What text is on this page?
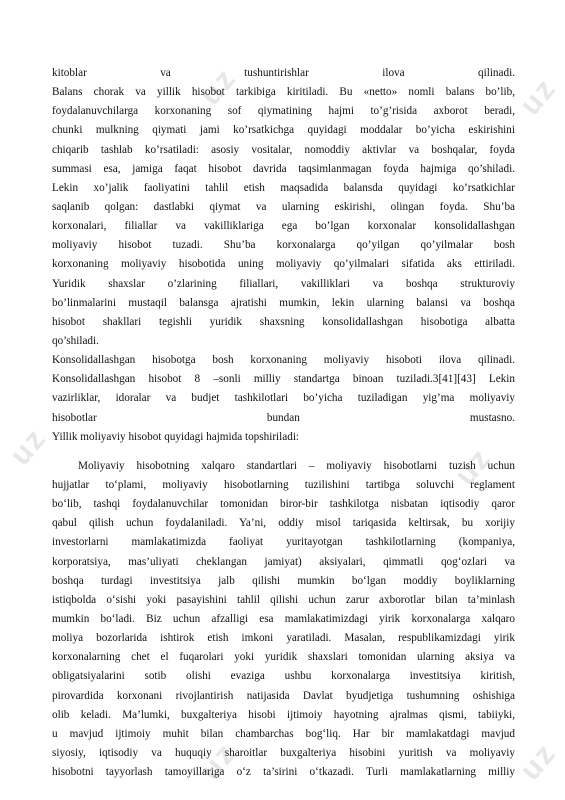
uz	uz
uz	uz
uz	uz
kitoblar va tushuntirishlar ilova qilinadi.
Balans chorak va yillik hisobot tarkibiga kiritiladi. Bu «netto» nomli balans bo’lib,
foydalanuvchilarga korxonaning sof qiymatining hajmi to’g’risida axborot beradi,
chunki mulkning qiymati jami ko’rsatkichga quyidagi moddalar bo’yicha eskirishini
chiqarib tashlab ko’rsatiladi: asosiy vositalar, nomoddiy aktivlar va boshqalar, foyda
summasi esa, jamiga faqat hisobot davrida taqsimlanmagan foyda hajmiga qo’shiladi.
Lekin xo’jalik faoliyatini tahlil etish maqsadida balansda quyidagi ko’rsatkichlar
saqlanib qolgan: dastlabki qiymat va ularning eskirishi, olingan foyda. Shu’ba
korxonalari, filiallar va vakilliklariga ega bo’lgan korxonalar konsolidallashgan
moliyaviy hisobot tuzadi. Shu’ba korxonalarga qo’yilgan qo’yilmalar bosh
korxonaning moliyaviy hisobotida uning moliyaviy qo’yilmalari sifatida aks ettiriladi.
Yuridik shaxslar o’zlarining filiallari, vakilliklari va boshqa strukturoviy
bo’linmalarini mustaqil balansga ajratishi mumkin, lekin ularning balansi va boshqa
hisobot shakllari tegishli yuridik shaxsning konsolidallashgan hisobotiga albatta
qo’shiladi.
Konsolidallashgan hisobotga bosh korxonaning moliyaviy hisoboti ilova qilinadi.
Konsolidallashgan hisobot 8 –sonli milliy standartga binoan tuziladi.3[41][43] Lekin
vazirliklar, idoralar va budjet tashkilotlari bo’yicha tuziladigan yig’ma moliyaviy
hisobotlar bundan mustasno.
Yillik moliyaviy hisobot quyidagi hajmida topshiriladi:
Moliyaviy hisobotning xalqaro standartlari – moliyaviy hisobotlarni tuzish uchun
hujjatlar to‘plami, moliyaviy hisobotlarning tuzilishini tartibga soluvchi reglament
bo‘lib, tashqi foydalanuvchilar tomonidan biror-bir tashkilotga nisbatan iqtisodiy qaror
qabul qilish uchun foydalaniladi. Ya’ni, oddiy misol tariqasida keltirsak, bu xorijiy
investorlarni mamlakatimizda faoliyat yuritayotgan tashkilotlarning (kompaniya,
korporatsiya, mas’uliyati cheklangan jamiyat) aksiyalari, qimmatli qog‘ozlari va
boshqa turdagi investitsiya jalb qilishi mumkin bo‘lgan moddiy boyliklarning
istiqbolda o‘sishi yoki pasayishini tahlil qilishi uchun zarur axborotlar bilan ta’minlash
mumkin bo‘ladi. Biz uchun afzalligi esa mamlakatimizdagi yirik korxonalarga xalqaro
moliya bozorlarida ishtirok etish imkoni yaratiladi. Masalan, respublikamizdagi yirik
korxonalarning chet el fuqarolari yoki yuridik shaxslari tomonidan ularning aksiya va
obligatsiyalarini sotib olishi evaziga ushbu korxonalarga investitsiya kiritish,
pirovardida korxonani rivojlantirish natijasida Davlat byudjetiga tushumning oshishiga
olib keladi. Ma’lumki, buxgalteriya hisobi ijtimoiy hayotning ajralmas qismi, tabiiyki,
u mavjud ijtimoiy muhit bilan chambarchas bog‘liq. Har bir mamlakatdagi mavjud
siyosiy, iqtisodiy va huquqiy sharoitlar buxgalteriya hisobini yuritish va moliyaviy
hisobotni tayyorlash tamoyillariga o‘z ta’sirini o‘tkazadi. Turli mamlakatlarning milliy
